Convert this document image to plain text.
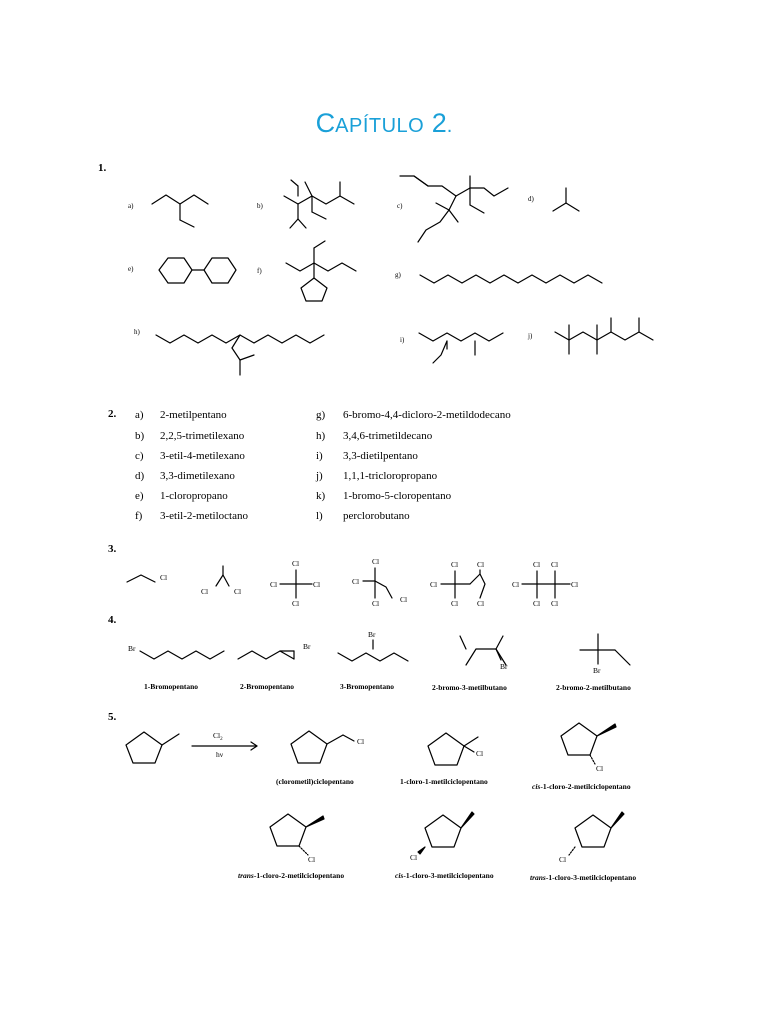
CAPÍTULO 2.
1.
2.
3.
4.
5.
a)	b)	c)
d)
e)	f)	g)
h)
i)	j)
a) 2-metilpentano
b) 2,2,5-trimetilexano
c) 3-etil-4-metilexano
d) 3,3-dimetilexano
e) 1-cloropropano
f) 3-etil-2-metiloctano
g) 6-bromo-4,4-dicloro-2-metildodecano
h) 3,4,6-trimetildecano
i) 3,3-dietilpentano
j) 1,1,1-tricloropropano
k) 1-bromo-5-cloropentano
l) perclorobutano
1-Bromopentano	2-Bromopentano	3-Bromopentano	2-bromo-3-metilbutano	2-bromo-2-metilbutano
(clorometil)ciclopentano	1-cloro-1-metilciclopentano
cis-1-cloro-2-metilciclopentano
trans-1-cloro-2-metilciclopentano	cis-1-cloro-3-metilciclopentano	trans-1-cloro-3-metilciclopentano
Cl
Cl	Cl
Cl
Cl	Cl
Cl
Cl
Cl
Cl	Cl
Cl
Cl
Cl
Cl
Cl
Cl Cl
Cl	Cl
Cl Cl
Br	Br
Br
Br	Br
$Cl_2$
hν
Cl
Cl
Cl
Cl	Cl	Cl
